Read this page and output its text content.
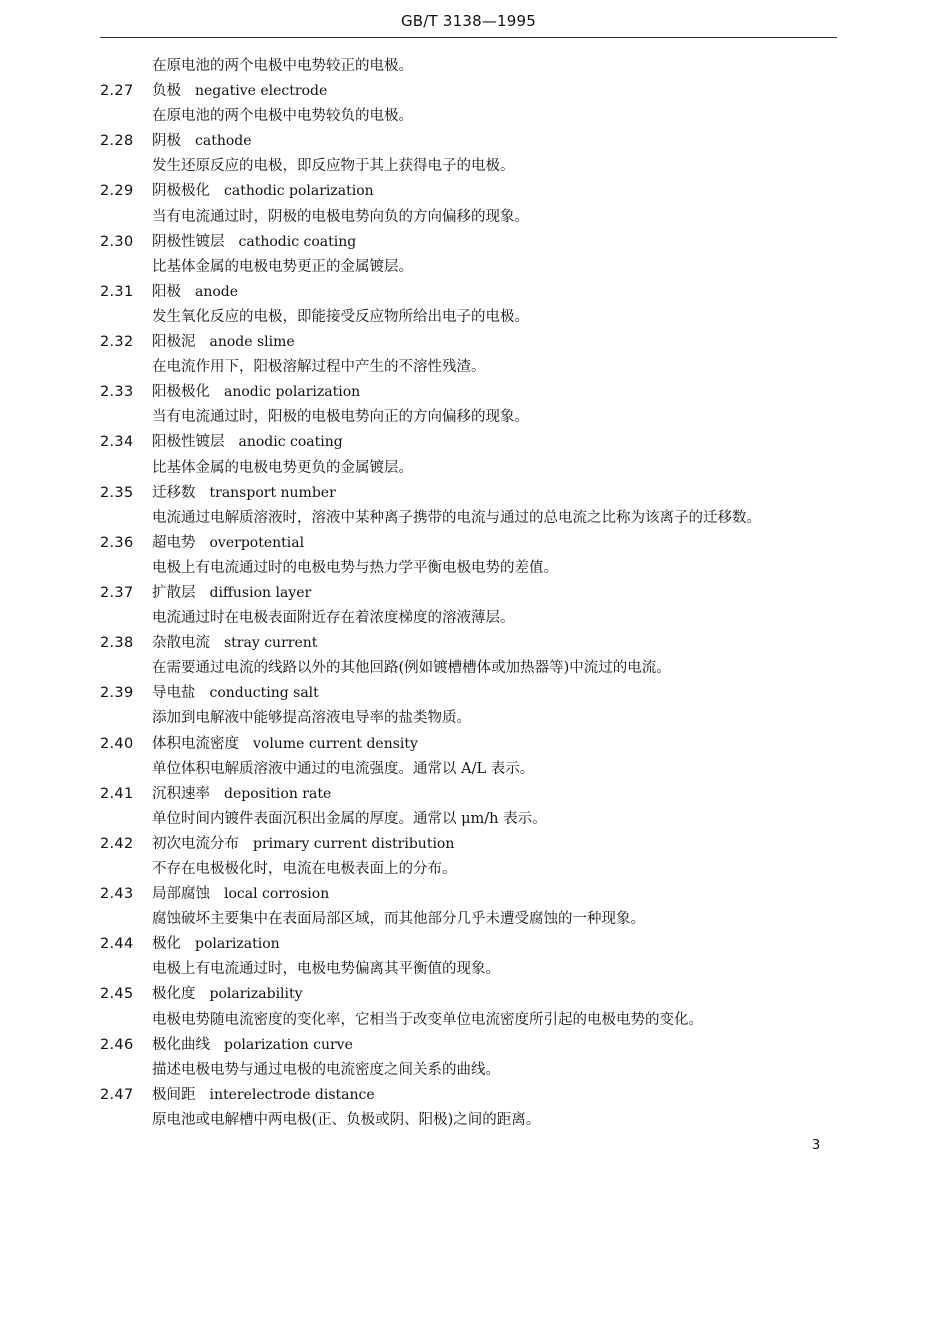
GB/T 3138—1995
在原电池的两个电极中电势较正的电极。
2.27	负极 negative electrode
在原电池的两个电极中电势较负的电极。
2.28	阴极 cathode
发生还原反应的电极，即反应物于其上获得电子的电极。
2.29	阴极极化 cathodic polarization
当有电流通过时，阴极的电极电势向负的方向偏移的现象。
2.30	阴极性镀层 cathodic coating
比基体金属的电极电势更正的金属镀层。
2.31	阳极 anode
发生氧化反应的电极，即能接受反应物所给出电子的电极。
2.32	阳极泥 anode slime
在电流作用下，阳极溶解过程中产生的不溶性残渣。
2.33	阳极极化 anodic polarization
当有电流通过时，阳极的电极电势向正的方向偏移的现象。
2.34	阳极性镀层 anodic coating
比基体金属的电极电势更负的金属镀层。
2.35	迁移数 transport number
电流通过电解质溶液时，溶液中某种离子携带的电流与通过的总电流之比称为该离子的迁移数。
2.36	超电势 overpotential
电极上有电流通过时的电极电势与热力学平衡电极电势的差值。
2.37	扩散层 diffusion layer
电流通过时在电极表面附近存在着浓度梯度的溶液薄层。
2.38	杂散电流 stray current
在需要通过电流的线路以外的其他回路(例如镀槽槽体或加热器等)中流过的电流。
2.39	导电盐 conducting salt
添加到电解液中能够提高溶液电导率的盐类物质。
2.40	体积电流密度 volume current density
单位体积电解质溶液中通过的电流强度。通常以 A/L 表示。
2.41	沉积速率 deposition rate
单位时间内镀件表面沉积出金属的厚度。通常以 μm/h 表示。
2.42	初次电流分布 primary current distribution
不存在电极极化时，电流在电极表面上的分布。
2.43	局部腐蚀 local corrosion
腐蚀破坏主要集中在表面局部区域，而其他部分几乎未遭受腐蚀的一种现象。
2.44	极化 polarization
电极上有电流通过时，电极电势偏离其平衡值的现象。
2.45	极化度 polarizability
电极电势随电流密度的变化率，它相当于改变单位电流密度所引起的电极电势的变化。
2.46	极化曲线 polarization curve
描述电极电势与通过电极的电流密度之间关系的曲线。
2.47	极间距 interelectrode distance
原电池或电解槽中两电极(正、负极或阴、阳极)之间的距离。
3
